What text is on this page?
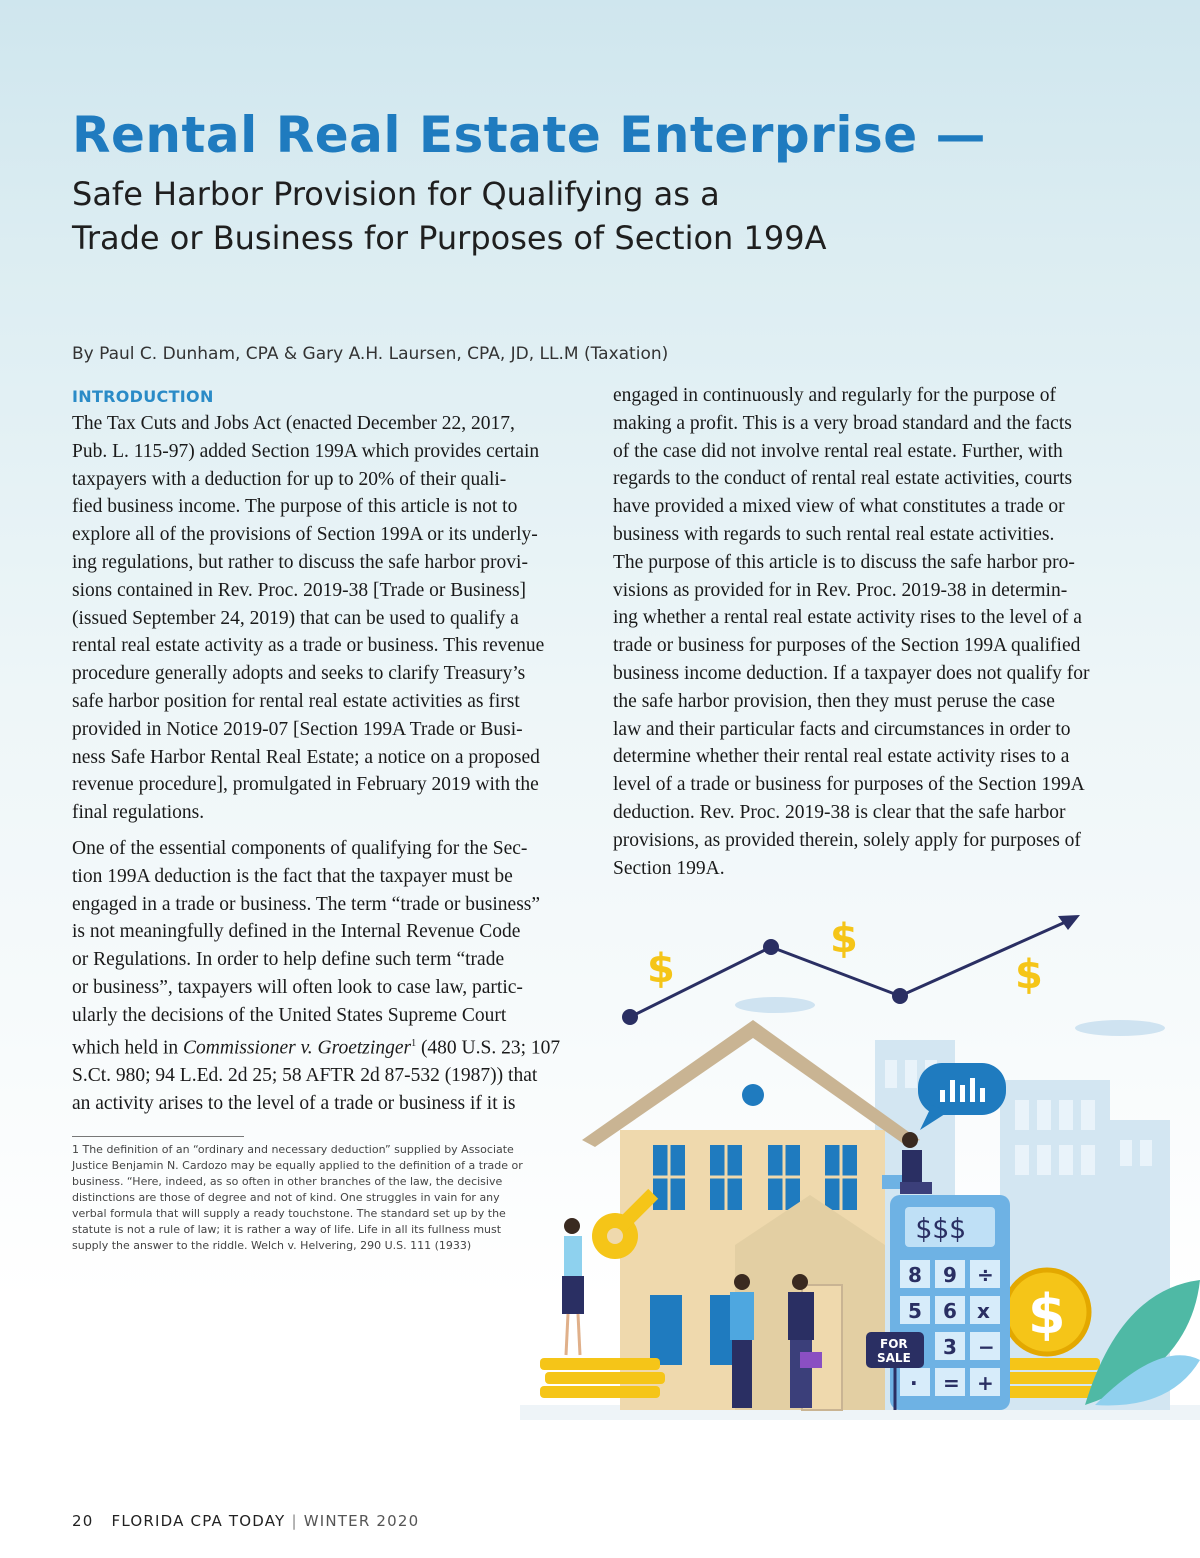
Rental Real Estate Enterprise —
Safe Harbor Provision for Qualifying as a
Trade or Business for Purposes of Section 199A
By Paul C. Dunham, CPA & Gary A.H. Laursen, CPA, JD, LL.M (Taxation)
INTRODUCTION

The Tax Cuts and Jobs Act (enacted December 22, 2017,
Pub. L. 115-97) added Section 199A which provides certain
taxpayers with a deduction for up to 20% of their quali-
fied business income. The purpose of this article is not to
explore all of the provisions of Section 199A or its underly-
ing regulations, but rather to discuss the safe harbor provi-
sions contained in Rev. Proc. 2019-38 [Trade or Business]
(issued September 24, 2019) that can be used to qualify a
rental real estate activity as a trade or business. This revenue
procedure generally adopts and seeks to clarify Treasury’s
safe harbor position for rental real estate activities as first
provided in Notice 2019-07 [Section 199A Trade or Busi-
ness Safe Harbor Rental Real Estate; a notice on a proposed
revenue procedure], promulgated in February 2019 with the
final regulations.

One of the essential components of qualifying for the Sec-
tion 199A deduction is the fact that the taxpayer must be
engaged in a trade or business. The term “trade or business”
is not meaningfully defined in the Internal Revenue Code
or Regulations. In order to help define such term “trade
or business”, taxpayers will often look to case law, partic-
ularly the decisions of the United States Supreme Court
which held in Commissioner v. Groetzinger$^1$ (480 U.S. 23; 107
S.Ct. 980; 94 L.Ed. 2d 25; 58 AFTR 2d 87-532 (1987)) that
an activity arises to the level of a trade or business if it is

engaged in continuously and regularly for the purpose of
making a profit. This is a very broad standard and the facts
of the case did not involve rental real estate. Further, with
regards to the conduct of rental real estate activities, courts
have provided a mixed view of what constitutes a trade or
business with regards to such rental real estate activities.
The purpose of this article is to discuss the safe harbor pro-
visions as provided for in Rev. Proc. 2019-38 in determin-
ing whether a rental real estate activity rises to the level of a
trade or business for purposes of the Section 199A qualified
business income deduction. If a taxpayer does not qualify for
the safe harbor provision, then they must peruse the case
law and their particular facts and circumstances in order to
determine whether their rental real estate activity rises to a
level of a trade or business for purposes of the Section 199A
deduction. Rev. Proc. 2019-38 is clear that the safe harbor
provisions, as provided therein, solely apply for purposes of
Section 199A.

1 The definition of an “ordinary and necessary deduction” supplied by Associate
Justice Benjamin N. Cardozo may be equally applied to the definition of a trade or
business. “Here, indeed, as so often in other branches of the law, the decisive
distinctions are those of degree and not of kind. One struggles in vain for any
verbal formula that will supply a ready touchstone. The standard set up by the
statute is not a rule of law; it is rather a way of life. Life in all its fullness must
supply the answer to the riddle. Welch v. Helvering, 290 U.S. 111 (1933)
$
$
$
$
$$$
8 9 ÷
5 6 x
3 −
· = +
FOR
SALE
20 FLORIDA CPA TODAY | WINTER 2020
